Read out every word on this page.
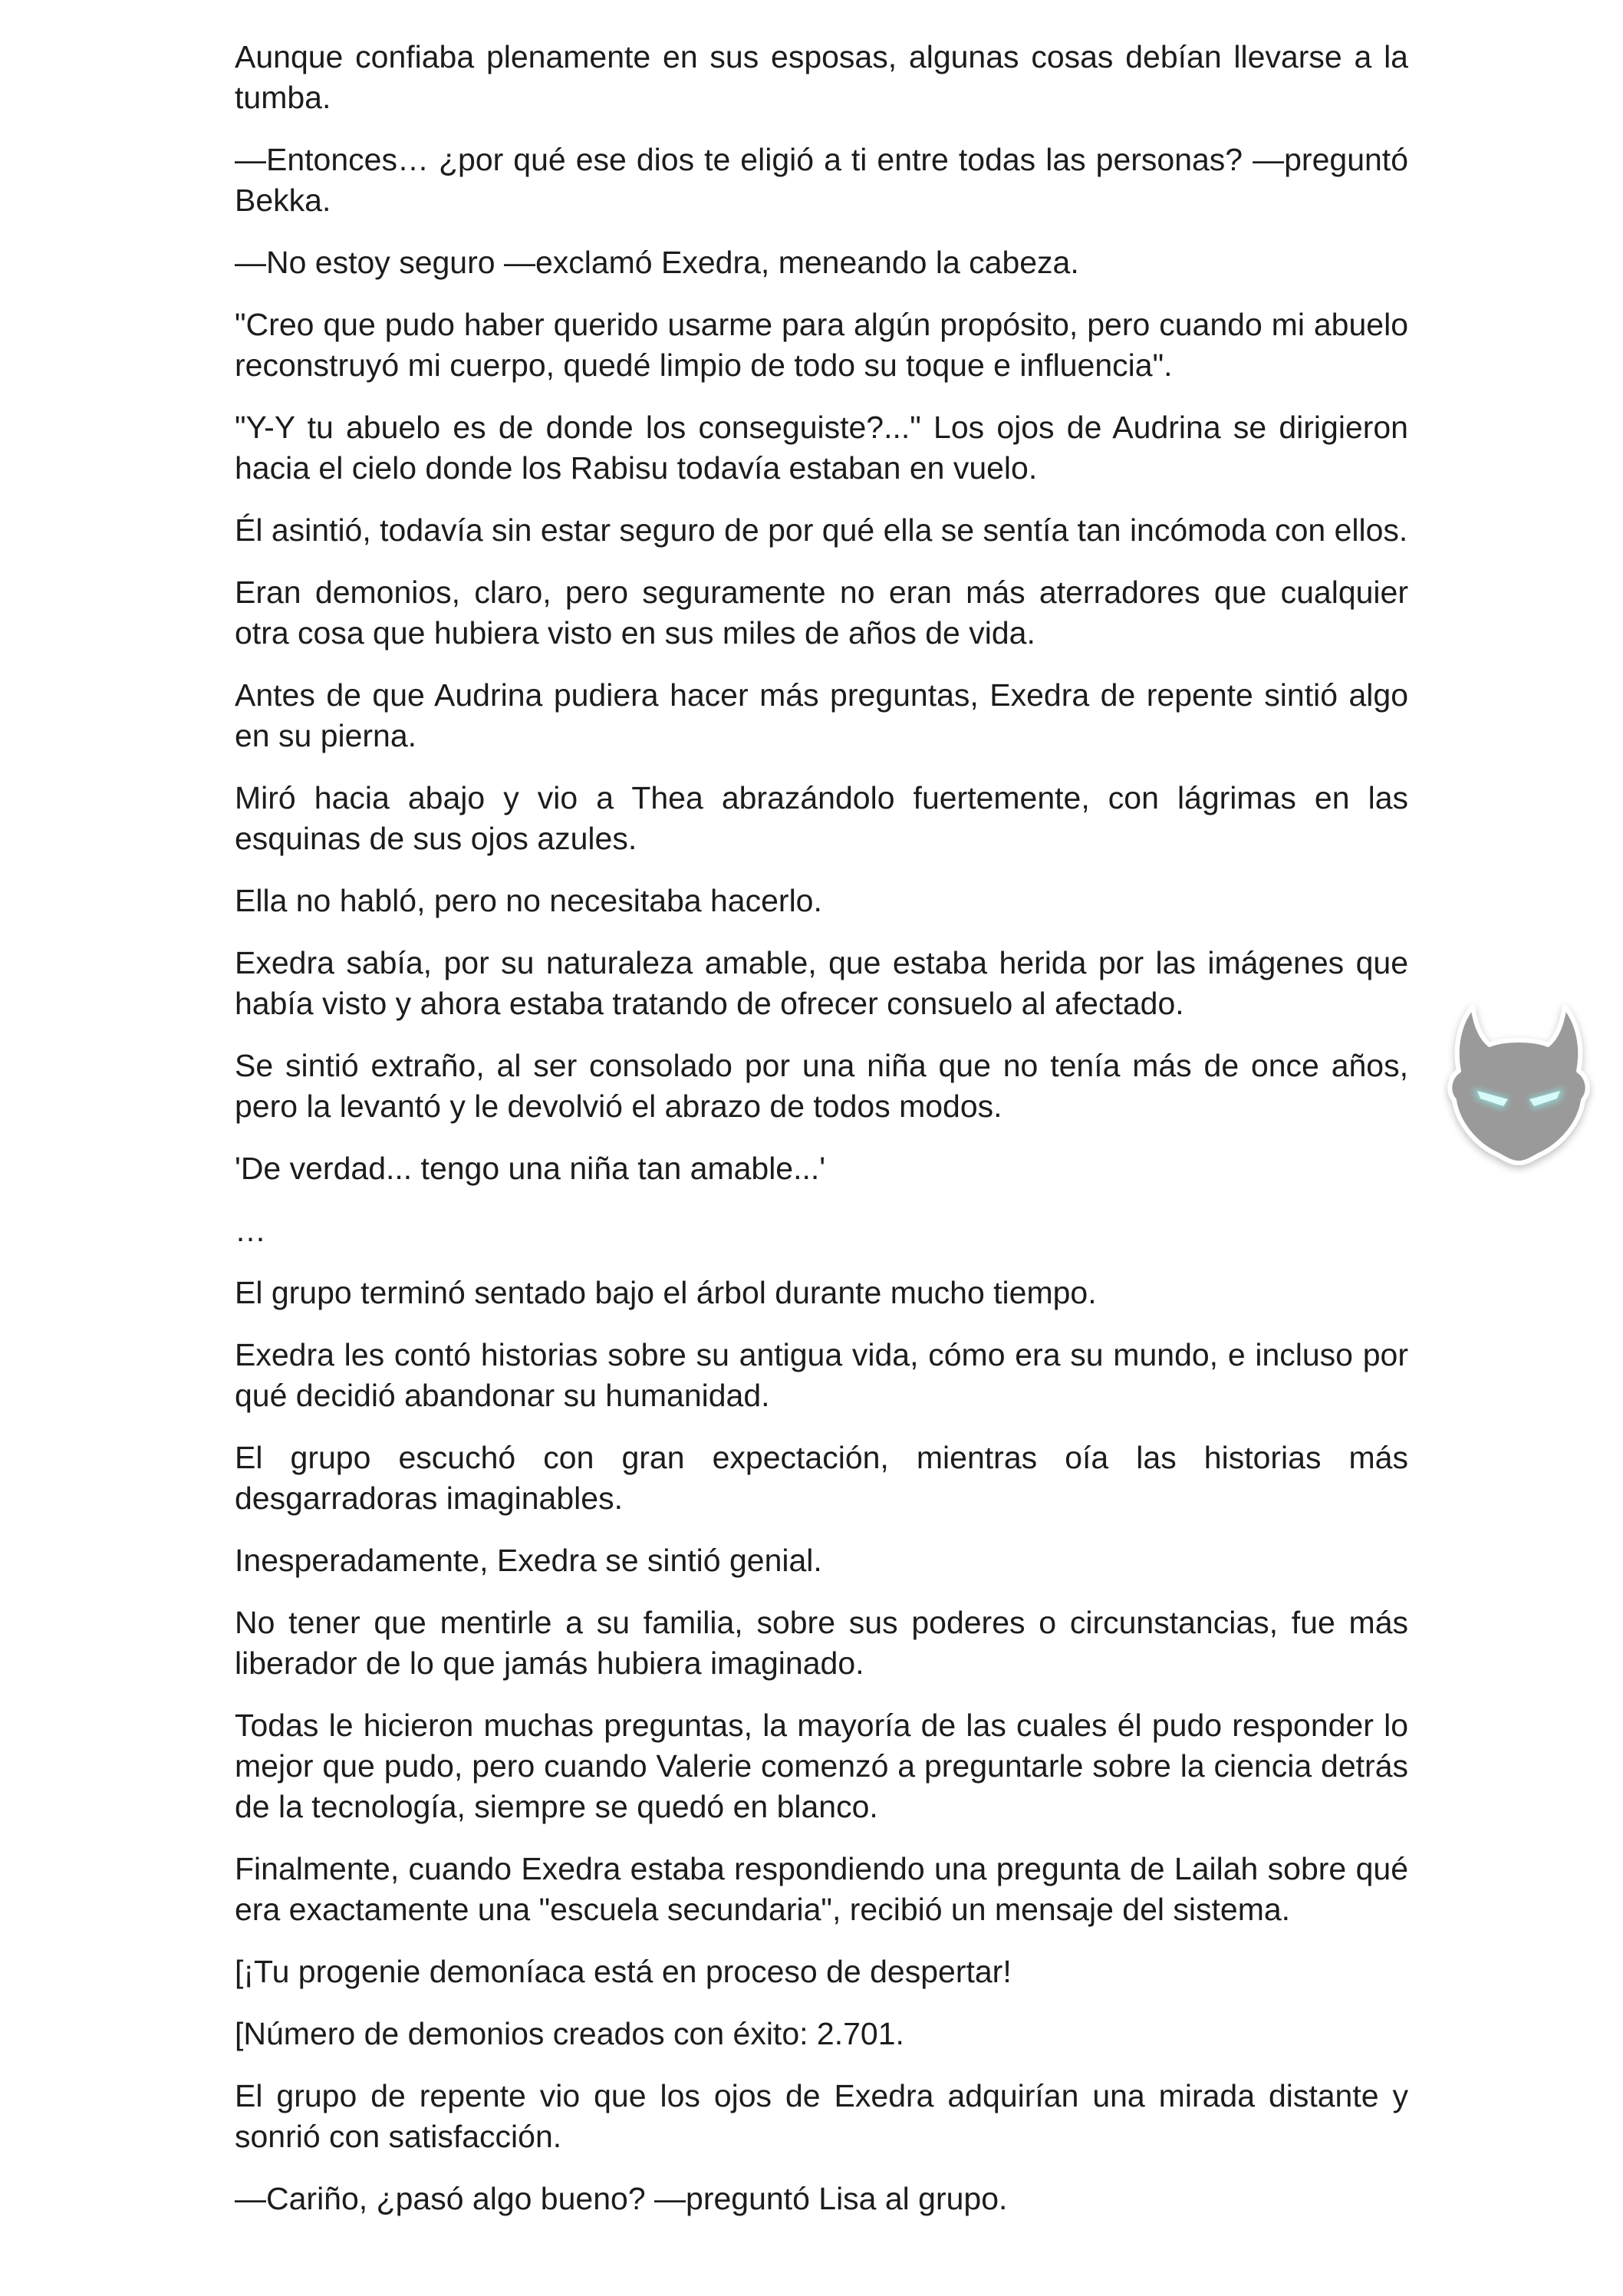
Aunque confiaba plenamente en sus esposas, algunas cosas debían llevarse a la tumba.

—Entonces… ¿por qué ese dios te eligió a ti entre todas las personas? —preguntó Bekka.

—No estoy seguro —exclamó Exedra, meneando la cabeza.

"Creo que pudo haber querido usarme para algún propósito, pero cuando mi abuelo reconstruyó mi cuerpo, quedé limpio de todo su toque e influencia".

"Y-Y tu abuelo es de donde los conseguiste?..." Los ojos de Audrina se dirigieron hacia el cielo donde los Rabisu todavía estaban en vuelo.

Él asintió, todavía sin estar seguro de por qué ella se sentía tan incómoda con ellos.

Eran demonios, claro, pero seguramente no eran más aterradores que cualquier otra cosa que hubiera visto en sus miles de años de vida.

Antes de que Audrina pudiera hacer más preguntas, Exedra de repente sintió algo en su pierna.

Miró hacia abajo y vio a Thea abrazándolo fuertemente, con lágrimas en las esquinas de sus ojos azules.

Ella no habló, pero no necesitaba hacerlo.

Exedra sabía, por su naturaleza amable, que estaba herida por las imágenes que había visto y ahora estaba tratando de ofrecer consuelo al afectado.

Se sintió extraño, al ser consolado por una niña que no tenía más de once años, pero la levantó y le devolvió el abrazo de todos modos.

'De verdad... tengo una niña tan amable...'

…

El grupo terminó sentado bajo el árbol durante mucho tiempo.

Exedra les contó historias sobre su antigua vida, cómo era su mundo, e incluso por qué decidió abandonar su humanidad.

El grupo escuchó con gran expectación, mientras oía las historias más desgarradoras imaginables.

Inesperadamente, Exedra se sintió genial.

No tener que mentirle a su familia, sobre sus poderes o circunstancias, fue más liberador de lo que jamás hubiera imaginado.

Todas le hicieron muchas preguntas, la mayoría de las cuales él pudo responder lo mejor que pudo, pero cuando Valerie comenzó a preguntarle sobre la ciencia detrás de la tecnología, siempre se quedó en blanco.

Finalmente, cuando Exedra estaba respondiendo una pregunta de Lailah sobre qué era exactamente una "escuela secundaria", recibió un mensaje del sistema.

[¡Tu progenie demoníaca está en proceso de despertar!

[Número de demonios creados con éxito: 2.701.

El grupo de repente vio que los ojos de Exedra adquirían una mirada distante y sonrió con satisfacción.

—Cariño, ¿pasó algo bueno? —preguntó Lisa al grupo.
